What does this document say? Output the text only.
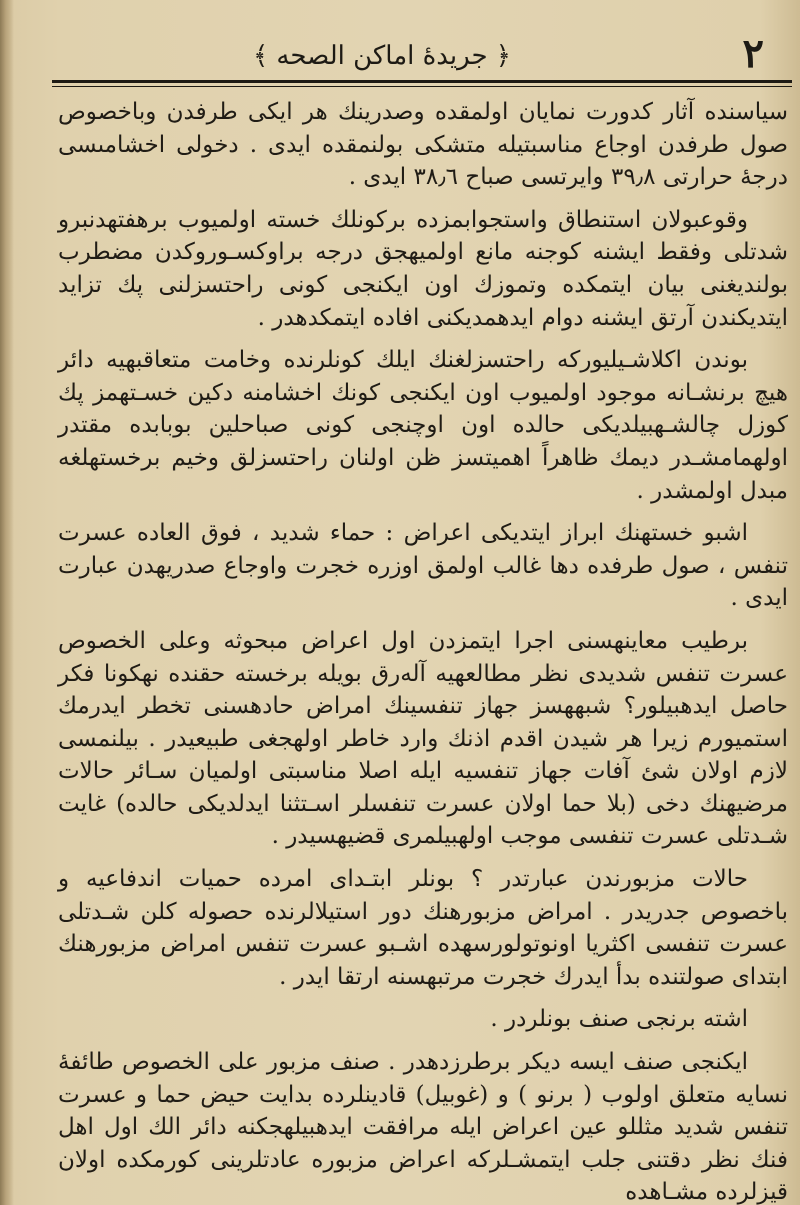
٢
﴿ جريدهٔ اماكن الصحه ﴾

سياسنده آثار كدورت نمايان اولمقده وصدرينك هر ايكى طرفدن وباخصوص صول طرفدن اوجاع مناسبتيله متشكى بولنمقده ايدى . دخولى اخشامىسى درجهٔ حرارتى ٣٩٫٨ وايرتسى صباح ٣٨٫٦ ايدى .

وقوعبولان استنطاق واستجوابمزده بركونلك خسته اولميوب برهفتهدنبرو شدتلى وفقط ايشنه كوجنه مانع اولميهجق درجه براوكسـوروكدن مضطرب بولنديغنى بيان ايتمكده وتموزك اون ايكنجى كونى راحتسزلنى پك تزايد ايتديكندن آرتق ايشنه دوام ايدهمديكنى افاده ايتمكدهدر .

بوندن اكلاشـيليوركه راحتسزلغنك ايلك كونلرنده وخامت متعاقبهيه دائر هيچ برنشـانه موجود اولميوب اون ايكنجى كونك اخشامنه دكين خسـتهمز پك كوزل چالشـهبيلديكى حالده اون اوچنجى كونى صباحلين بوبابده مقتدر اولهمامشـدر ديمك ظاهراً اهميتسز ظن اولنان راحتسزلق وخيم برخستهلغه مبدل اولمشدر .

اشبو خستهنك ابراز ايتديكى اعراض : حماء شديد ، فوق العاده عسرت تنفس ، صول طرفده دها غالب اولمق اوزره خجرت واوجاع صدريهدن عبارت ايدى .

برطيب معاينهسنى اجرا ايتمزدن اول اعراض مبحوثه وعلى الخصوص عسرت تنفس شديدى نظر مطالعهيه آلەرق بويله برخسته حقنده نهكونا فكر حاصل ايدهبيلور؟ شبههسز جهاز تنفسينك امراض حادهسنى تخطر ايدرمك استميورم زيرا هر شيدن اقدم اذنك وارد خاطر اولهجغى طبيعيدر . بيلنمسى لازم اولان شئ آفات جهاز تنفسيه ايله اصلا مناسبتى اولميان سـائر حالات مرضيهنك دخى (بلا حما اولان عسرت تنفسلر اسـتثنا ايدلديكى حالده) غايت شـدتلى عسرت تنفسى موجب اولهبيلمرى قضيهسيدر .

حالات مزبورندن عبارتدر ؟ بونلر ابتـداى امرده حميات اندفاعيه و باخصوص جدريدر . امراض مزبورهنك دور استيلالرنده حصوله كلن شـدتلى عسرت تنفسى اكثريا اونوتولورسهده اشـبو عسرت تنفس امراض مزبورهنك ابتداى صولتنده بدأ ايدرك خجرت مرتبهسنه ارتقا ايدر .

اشته برنجى صنف بونلردر .

ايكنجى صنف ايسه ديكر برطرزدهدر . صنف مزبور على الخصوص طائفهٔ نسايه متعلق اولوب ( برنو ) و (غوبيل) قادينلرده بدايت حيض حما و عسرت تنفس شديد مثللو عين اعراض ايله مرافقت ايدهبيلهجكنه دائر الك اول اهل فنك نظر دقتنى جلب ايتمشـلركه اعراض مزبوره عادتلرينى كورمكده اولان قيزلرده مشـاهده
